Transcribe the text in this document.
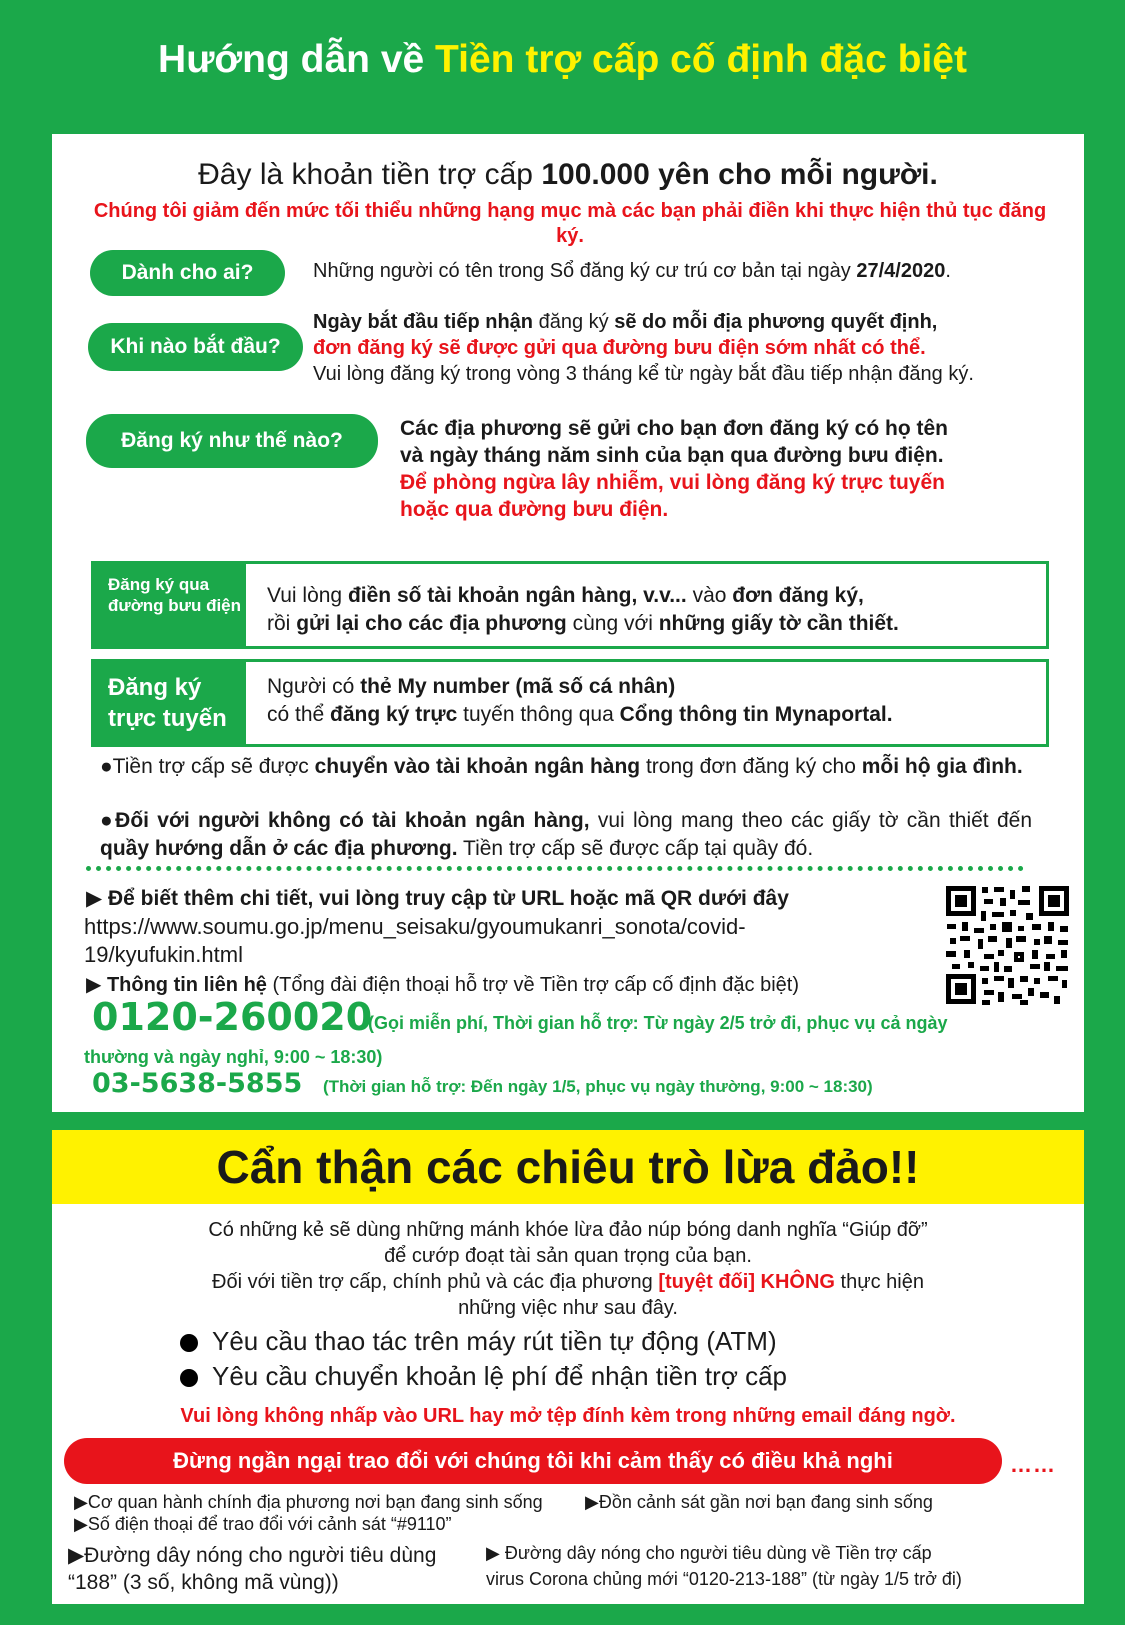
Hướng dẫn về Tiền trợ cấp cố định đặc biệt
Đây là khoản tiền trợ cấp 100.000 yên cho mỗi người.
Chúng tôi giảm đến mức tối thiểu những hạng mục mà các bạn phải điền khi thực hiện thủ tục đăng ký.
Dành cho ai?	Những người có tên trong Sổ đăng ký cư trú cơ bản tại ngày 27/4/2020.
Khi nào bắt đầu?
Ngày bắt đầu tiếp nhận đăng ký sẽ do mỗi địa phương quyết định,
đơn đăng ký sẽ được gửi qua đường bưu điện sớm nhất có thể.
Vui lòng đăng ký trong vòng 3 tháng kể từ ngày bắt đầu tiếp nhận đăng ký.
Đăng ký như thế nào?
Các địa phương sẽ gửi cho bạn đơn đăng ký có họ tên
và ngày tháng năm sinh của bạn qua đường bưu điện.
Để phòng ngừa lây nhiễm, vui lòng đăng ký trực tuyến
hoặc qua đường bưu điện.
Đăng ký qua đường bưu điện Vui lòng điền số tài khoản ngân hàng, v.v... vào đơn đăng ký,
rồi gửi lại cho các địa phương cùng với những giấy tờ cần thiết.
Đăng ký trực tuyến
Người có thẻ My number (mã số cá nhân)
có thể đăng ký trực tuyến thông qua Cổng thông tin Mynaportal.
●Tiền trợ cấp sẽ được chuyển vào tài khoản ngân hàng trong đơn đăng ký cho mỗi hộ gia đình.
●Đối với người không có tài khoản ngân hàng, vui lòng mang theo các giấy tờ cần thiết đến quầy hướng dẫn ở các địa phương. Tiền trợ cấp sẽ được cấp tại quầy đó.
▶ Để biết thêm chi tiết, vui lòng truy cập từ URL hoặc mã QR dưới đây
https://www.soumu.go.jp/menu_seisaku/gyoumukanri_sonota/covid-
19/kyufukin.html
▶ Thông tin liên hệ (Tổng đài điện thoại hỗ trợ về Tiền trợ cấp cố định đặc biệt)
0120-260020
(Gọi miễn phí, Thời gian hỗ trợ: Từ ngày 2/5 trở đi, phục vụ cả ngày
thường và ngày nghỉ, 9:00 ~ 18:30)
03-5638-5855 (Thời gian hỗ trợ: Đến ngày 1/5, phục vụ ngày thường, 9:00 ~ 18:30)
Cẩn thận các chiêu trò lừa đảo!!
Có những kẻ sẽ dùng những mánh khóe lừa đảo núp bóng danh nghĩa “Giúp đỡ”
để cướp đoạt tài sản quan trọng của bạn.
Đối với tiền trợ cấp, chính phủ và các địa phương [tuyệt đối] KHÔNG thực hiện
những việc như sau đây.
Yêu cầu thao tác trên máy rút tiền tự động (ATM)
Yêu cầu chuyển khoản lệ phí để nhận tiền trợ cấp
Vui lòng không nhấp vào URL hay mở tệp đính kèm trong những email đáng ngờ.
Đừng ngần ngại trao đổi với chúng tôi khi cảm thấy có điều khả nghi	……
▶Cơ quan hành chính địa phương nơi bạn đang sinh sống ▶Đồn cảnh sát gần nơi bạn đang sinh sống
▶Số điện thoại để trao đổi với cảnh sát “#9110”
▶Đường dây nóng cho người tiêu dùng
“188” (3 số, không mã vùng))
▶ Đường dây nóng cho người tiêu dùng về Tiền trợ cấp
virus Corona chủng mới “0120-213-188” (từ ngày 1/5 trở đi)
